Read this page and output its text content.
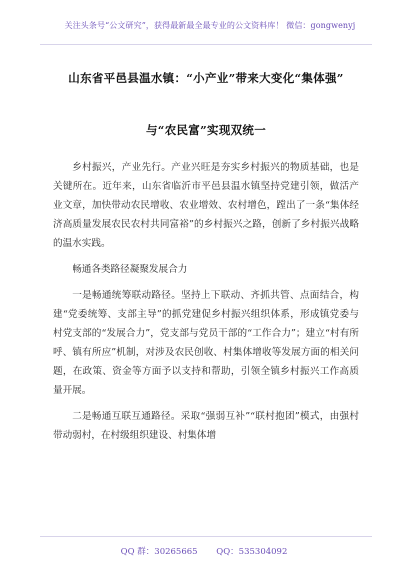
关注头条号“公文研究”，获得最新最全最专业的公文资料库！ 微信：gongwenyj
山东省平邑县温水镇：“小产业”带来大变化“集体强”
与“农民富”实现双统一

乡村振兴，产业先行。产业兴旺是夯实乡村振兴的物质基础，也是关键所在。近年来，山东省临沂市平邑县温水镇坚持党建引领，做活产业文章，加快带动农民增收、农业增效、农村增色，蹚出了一条“集体经济高质量发展农民农村共同富裕”的乡村振兴之路，创新了乡村振兴战略的温水实践。

畅通各类路径凝聚发展合力

一是畅通统筹联动路径。坚持上下联动、齐抓共管、点面结合，构建“党委统筹、支部主导”的抓党建促乡村振兴组织体系，形成镇党委与村党支部的“发展合力”，党支部与党员干部的“工作合力”；建立“村有所呼、镇有所应”机制，对涉及农民创收、村集体增收等发展方面的相关问题，在政策、资金等方面予以支持和帮助，引领全镇乡村振兴工作高质量开展。

二是畅通互联互通路径。采取“强弱互补”“联村抱团”模式，由强村带动弱村，在村级组织建设、村集体增

QQ 群：30265665 QQ：535304092
